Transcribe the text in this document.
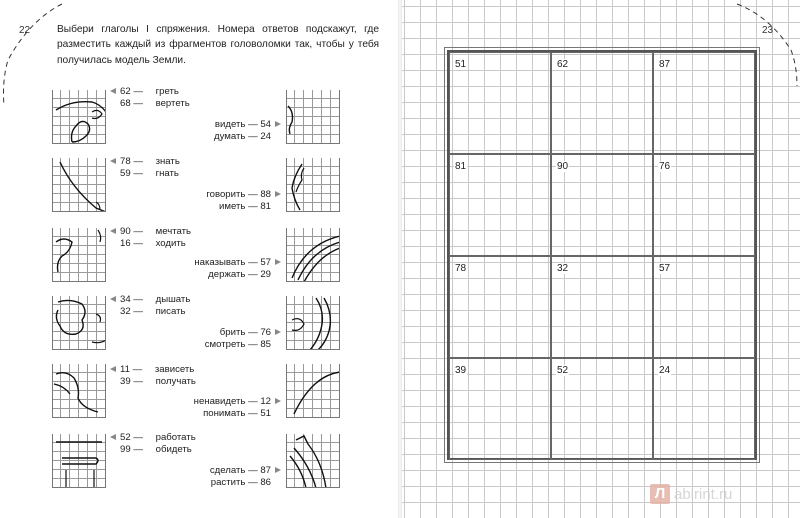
22	23
Выбери глаголы I спряжения. Номера ответов подскажут, где разместить каждый из фрагментов головоломки так, чтобы у тебя получилась модель Земли.
62 — греть
68 — вертеть
видеть — 54
думать — 24
78 — знать
59 — гнать
говорить — 88
иметь — 81
90 — мечтать
16 — ходить
наказывать — 57
держать — 29
34 — дышать
32 — писать
брить — 76
смотреть — 85
11 — зависеть
39 — получать
ненавидеть — 12
понимать — 51
52 — работать
99 — обидеть
сделать — 87
растить — 86
51	62	87
81	90	76
78	32	57
39	52	24
Л abirint.ru
